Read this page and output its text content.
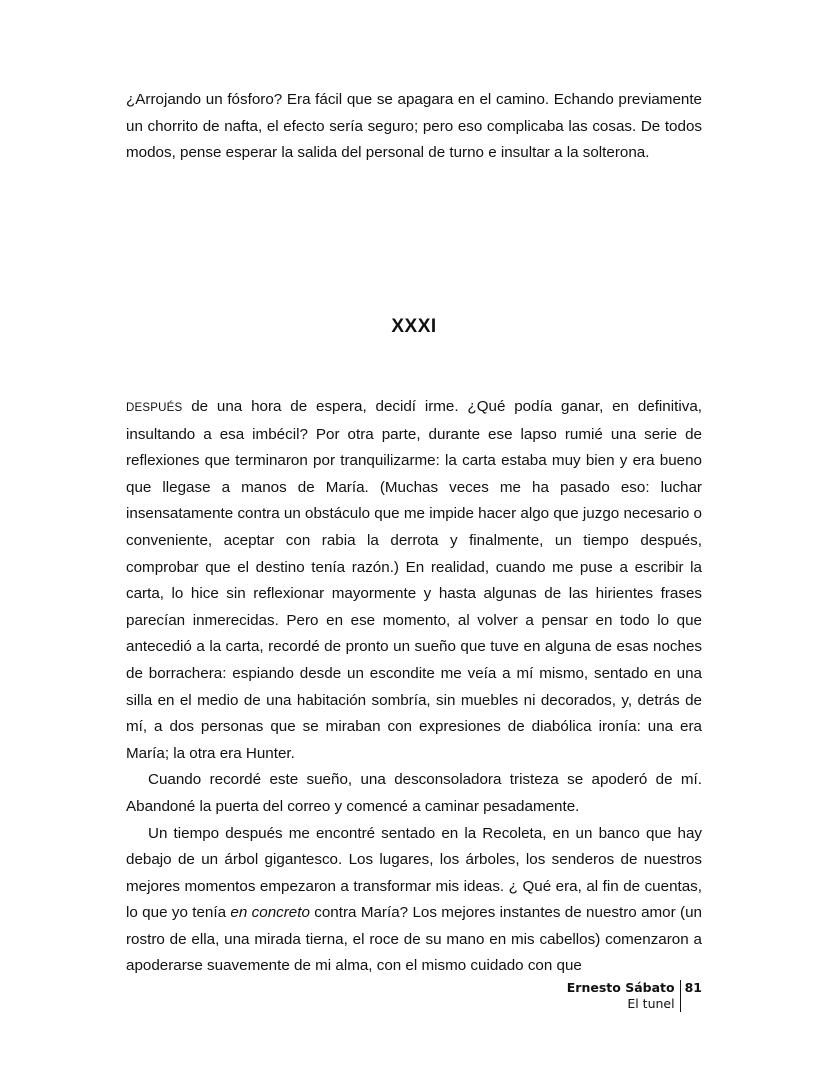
¿Arrojando un fósforo? Era fácil que se apagara en el camino. Echando previamente un chorrito de nafta, el efecto sería seguro; pero eso complicaba las cosas. De todos modos, pense esperar la salida del personal de turno e insultar a la solterona.

XXXI

DESPUÉS de una hora de espera, decidí irme. ¿Qué podía ganar, en definitiva, insultando a esa imbécil? Por otra parte, durante ese lapso rumié una serie de reflexiones que terminaron por tranquilizarme: la carta estaba muy bien y era bueno que llegase a manos de María. (Muchas veces me ha pasado eso: luchar insensatamente contra un obstáculo que me impide hacer algo que juzgo necesario o conveniente, aceptar con rabia la derrota y finalmente, un tiempo después, comprobar que el destino tenía razón.) En realidad, cuando me puse a escribir la carta, lo hice sin reflexionar mayormente y hasta algunas de las hirientes frases parecían inmerecidas. Pero en ese momento, al volver a pensar en todo lo que antecedió a la carta, recordé de pronto un sueño que tuve en alguna de esas noches de borrachera: espiando desde un escondite me veía a mí mismo, sentado en una silla en el medio de una habitación sombría, sin muebles ni decorados, y, detrás de mí, a dos personas que se miraban con expresiones de diabólica ironía: una era María; la otra era Hunter.

Cuando recordé este sueño, una desconsoladora tristeza se apoderó de mí. Abandoné la puerta del correo y comencé a caminar pesadamente.

Un tiempo después me encontré sentado en la Recoleta, en un banco que hay debajo de un árbol gigantesco. Los lugares, los árboles, los senderos de nuestros mejores momentos empezaron a transformar mis ideas. ¿ Qué era, al fin de cuentas, lo que yo tenía en concreto contra María? Los mejores instantes de nuestro amor (un rostro de ella, una mirada tierna, el roce de su mano en mis cabellos) comenzaron a apoderarse suavemente de mi alma, con el mismo cuidado con que

Ernesto Sábato
El tunel
81
